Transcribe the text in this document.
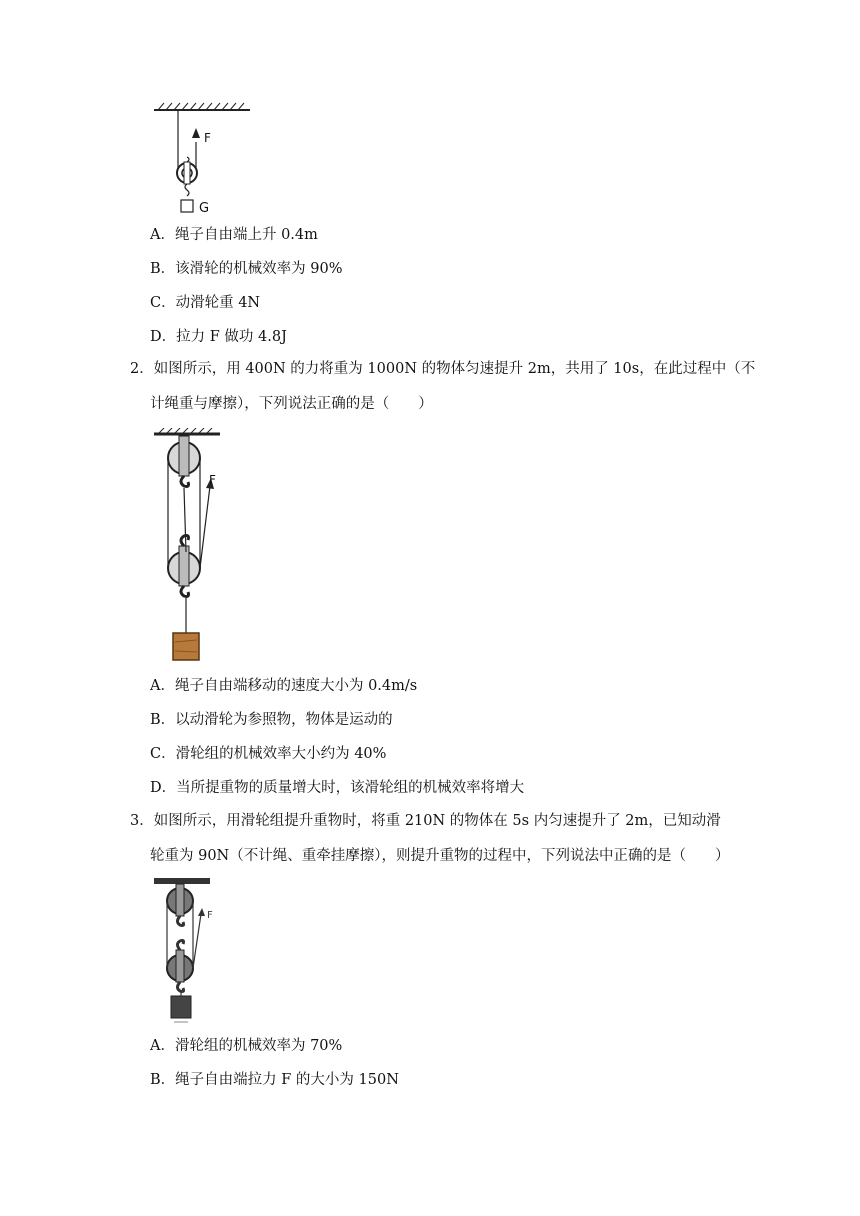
F
G
A．绳子自由端上升 0.4m
B．该滑轮的机械效率为 90%
C．动滑轮重 4N
D．拉力 F 做功 4.8J
2．如图所示，用 400N 的力将重为 1000N 的物体匀速提升 2m，共用了 10s，在此过程中（不
计绳重与摩擦），下列说法正确的是（　　）
F
A．绳子自由端移动的速度大小为 0.4m/s
B．以动滑轮为参照物，物体是运动的
C．滑轮组的机械效率大小约为 40%
D．当所提重物的质量增大时，该滑轮组的机械效率将增大
3．如图所示，用滑轮组提升重物时，将重 210N 的物体在 5s 内匀速提升了 2m，已知动滑
轮重为 90N（不计绳、重牵挂摩擦），则提升重物的过程中，下列说法中正确的是（　　）
F
A．滑轮组的机械效率为 70%
B．绳子自由端拉力 F 的大小为 150N
